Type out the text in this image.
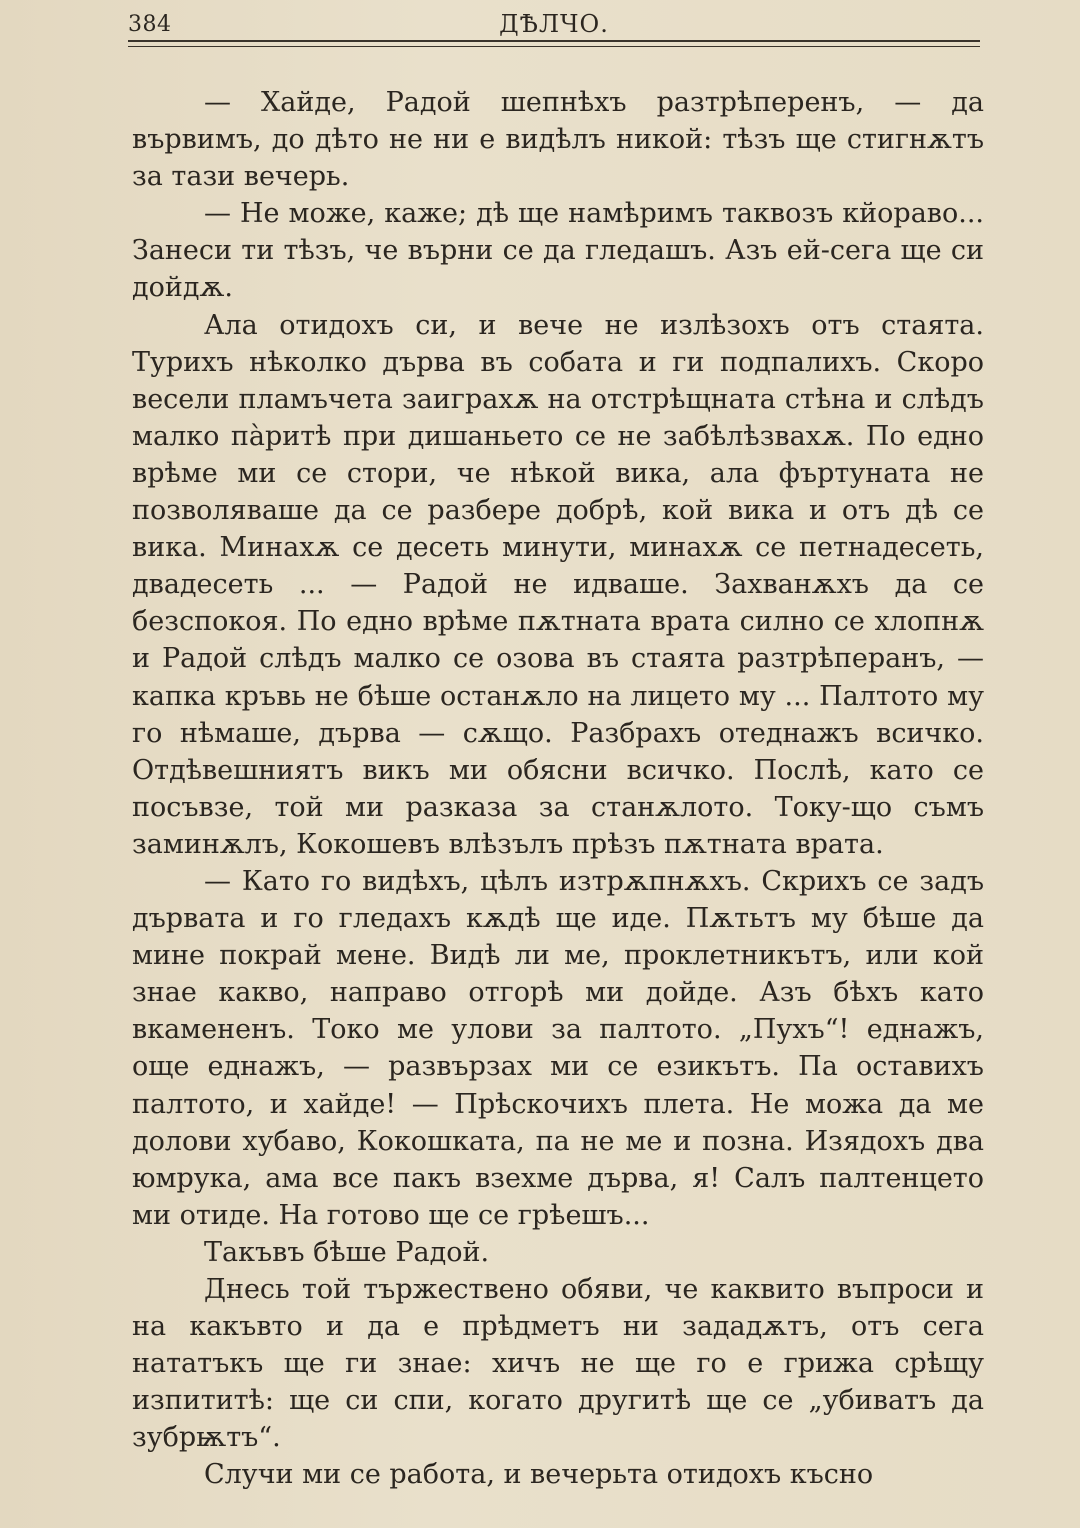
384	ДѢЛЧО.

— Хайде, Радой шепнѣхъ разтрѣперенъ, — да вървимъ, до дѣто не ни е видѣлъ никой: тѣзъ ще стигнѫтъ за тази вечерь.

— Не може, каже; дѣ ще намѣримъ таквозъ кйораво... Занеси ти тѣзъ, че върни се да гледашъ. Азъ ей-сега ще си дойдѫ.

Ала отидохъ си, и вече не излѣзохъ отъ стаята. Турихъ нѣколко дърва въ собата и ги подпалихъ. Скоро весели пламъчета заиграхѫ на отстрѣщната стѣна и слѣдъ малко пàритѣ при дишаньето се не забѣлѣзвахѫ. По едно врѣме ми се стори, че нѣкой вика, ала фъртуната не позволяваше да се разбере добрѣ, кой вика и отъ дѣ се вика. Минахѫ се десеть минути, минахѫ се петнадесеть, двадесеть ... — Радой не идваше. Захванѫхъ да се безспокоя. По едно врѣме пѫтната врата силно се хлопнѫ и Радой слѣдъ малко се озова въ стаята разтрѣперанъ, — капка кръвь не бѣше останѫло на лицето му ... Палтото му го нѣмаше, дърва — сѫщо. Разбрахъ отеднажъ всичко. Отдѣвешниятъ викъ ми обясни всичко. Послѣ, като се посъвзе, той ми разказа за станѫлото. Току-що съмъ заминѫлъ, Кокошевъ влѣзълъ прѣзъ пѫтната врата.

— Като го видѣхъ, цѣлъ изтрѫпнѫхъ. Скрихъ се задъ дървата и го гледахъ кѫдѣ ще иде. Пѫтьтъ му бѣше да мине покрай мене. Видѣ ли ме, проклетникътъ, или кой знае какво, направо отгорѣ ми дойде. Азъ бѣхъ като вкамененъ. Токо ме улови за палтото. „Пухъ“! еднажъ, още еднажъ, — развързах ми се езикътъ. Па оставихъ палтото, и хайде! — Прѣскочихъ плета. Не можа да ме долови хубаво, Кокошката, па не ме и позна. Изядохъ два юмрука, ама все пакъ взехме дърва, я! Салъ палтенцето ми отиде. На готово ще се грѣешъ...

Такъвъ бѣше Радой.

Днесь той тържествено обяви, че каквито въпроси и на какъвто и да е прѣдметъ ни зададѫтъ, отъ сега нататъкъ ще ги знае: хичъ не ще го е грижа срѣщу изпититѣ: ще си спи, когато другитѣ ще се „убиватъ да зубрѭтъ“.

Случи ми се работа, и вечерьта отидохъ късно
